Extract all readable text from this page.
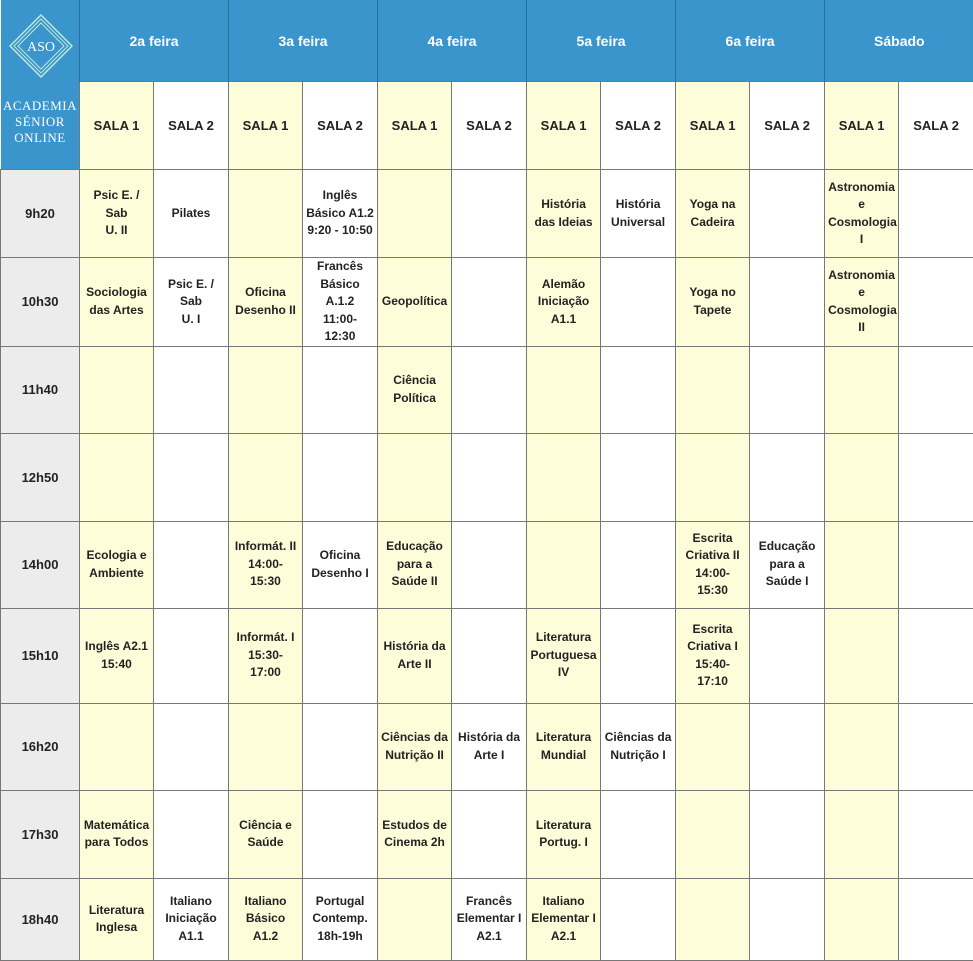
ASO
ACADEMIA
SÉNIOR
ONLINE	2a feira		3a feira		4a feira		5a feira		6a feira		Sábado	
	SALA 1	SALA 2	SALA 1	SALA 2	SALA 1	SALA 2	SALA 1	SALA 2	SALA 1	SALA 2	SALA 1	SALA 2
9h20	Psic E. / Sab
U. II	Pilates		Inglês
Básico A1.2
9:20 - 10:50			História
das Ideias	História
Universal	Yoga na
Cadeira		Astronomia
e
Cosmologia
I	

10h30	Sociologia
das Artes	Psic E. / Sab
U. I	Oficina
Desenho II	Francês
Básico A.1.2
11:00- 12:30	Geopolítica		Alemão
Iniciação
A1.1		Yoga no
Tapete		Astronomia
e
Cosmologia
II	

11h40					Ciência
Política							

12h50	

14h00	Ecologia e
Ambiente		Informát. II
14:00- 15:30	Oficina
Desenho I	Educação
para a
Saúde II				Escrita
Criativa II
14:00- 15:30	Educação
para a
Saúde I		

15h10	Inglês A2.1
15:40		Informát. I
15:30- 17:00		História da
Arte II		Literatura
Portuguesa
IV		Escrita
Criativa I
15:40- 17:10			

16h20					Ciências da
Nutrição II	História da
Arte I	Literatura
Mundial	Ciências da
Nutrição I				

17h30	Matemática
para Todos		Ciência e
Saúde		Estudos de
Cinema 2h		Literatura
Portug. I					

18h40	Literatura
Inglesa	Italiano
Iniciação
A1.1	Italiano
Básico A1.2	Portugal
Contemp.
18h-19h		Francês
Elementar I
A2.1	Italiano
Elementar I
A2.1					
